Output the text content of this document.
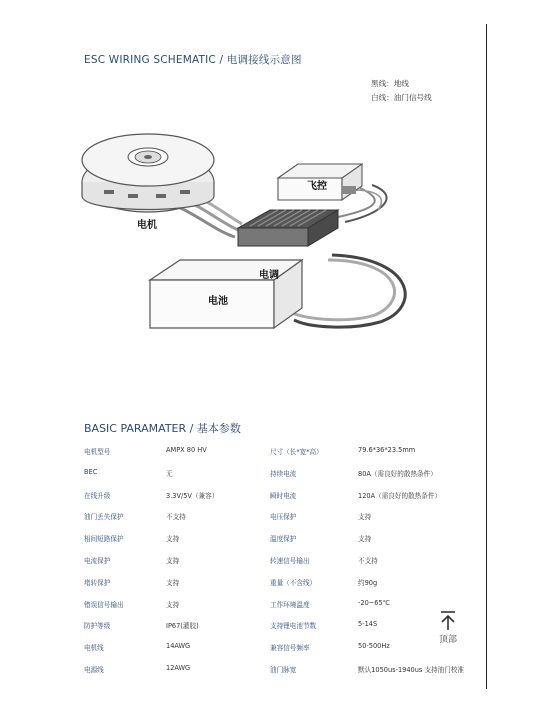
ESC WIRING SCHEMATIC / 电调接线示意图
黑线：地线
白线：油门信号线
电机
飞控
电调
电池
BASIC PARAMATER / 基本参数
电机型号	AMPX 80 HV	尺寸（长*宽*高）	79.6*36*23.5mm
BEC	无	持续电流	80A（需良好的散热条件）
在线升级	3.3V/5V（兼容）	瞬时电流	120A（需良好的散热条件）
油门丢失保护	不支持	电压保护	支持
相间短路保护	支持	温度保护	支持
电流保护	支持	转速信号输出	不支持
堵转保护	支持	重量（不含线）	约90g
错误信号输出	支持	工作环境温度	-20~65℃
防护等级	IP67(灌胶)	支持锂电池节数	5-14S
电机线	14AWG	兼容信号频率	50-500Hz
电源线	12AWG	油门脉宽	默认1050us-1940us 支持油门校准
顶部
